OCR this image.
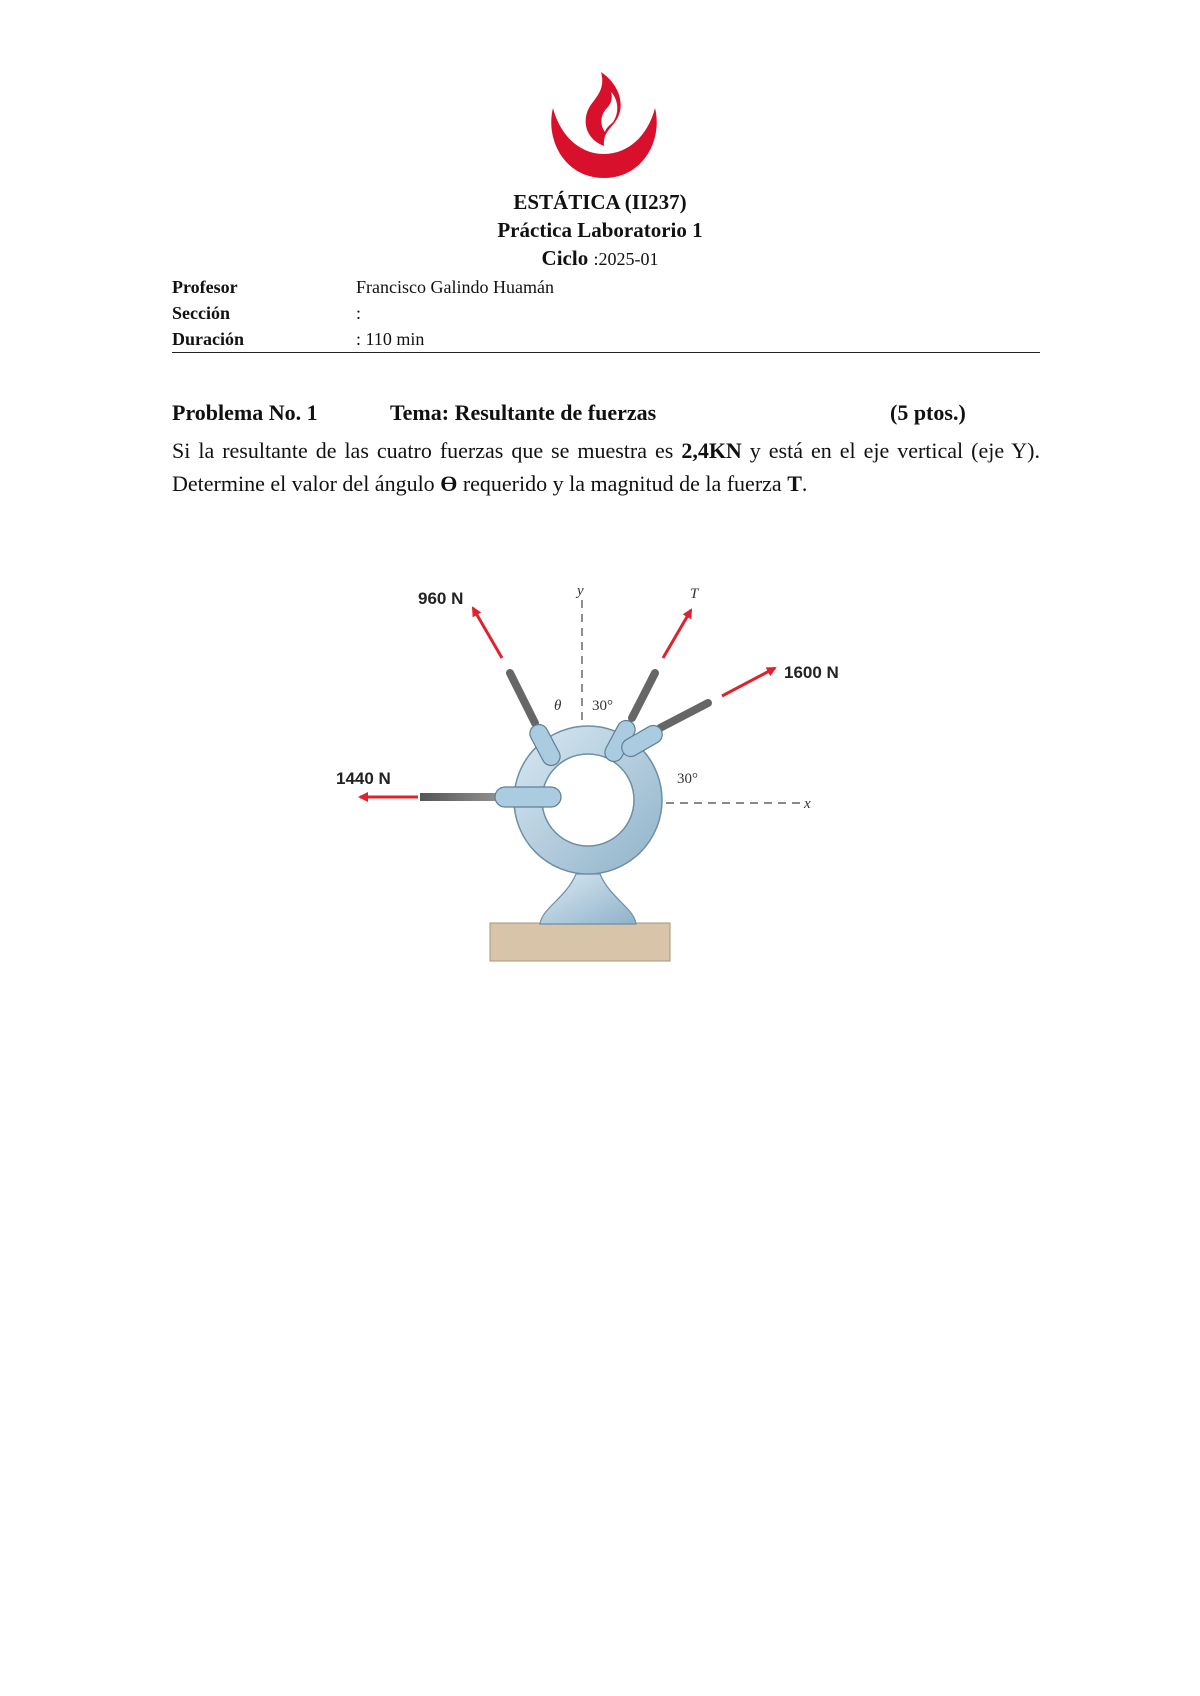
ESTÁTICA (II237)
Práctica Laboratorio 1
Ciclo :2025-01
Profesor	Francisco Galindo Huamán
Sección	:
Duración	: 110 min
Problema No. 1	Tema: Resultante de fuerzas	(5 ptos.)
Si la resultante de las cuatro fuerzas que se muestra es 2,4KN y está en el eje vertical (eje Y). Determine el valor del ángulo Ɵ requerido y la magnitud de la fuerza T.
y
x
960 N	T
1600 N
1440 N
θ 30°
30°
